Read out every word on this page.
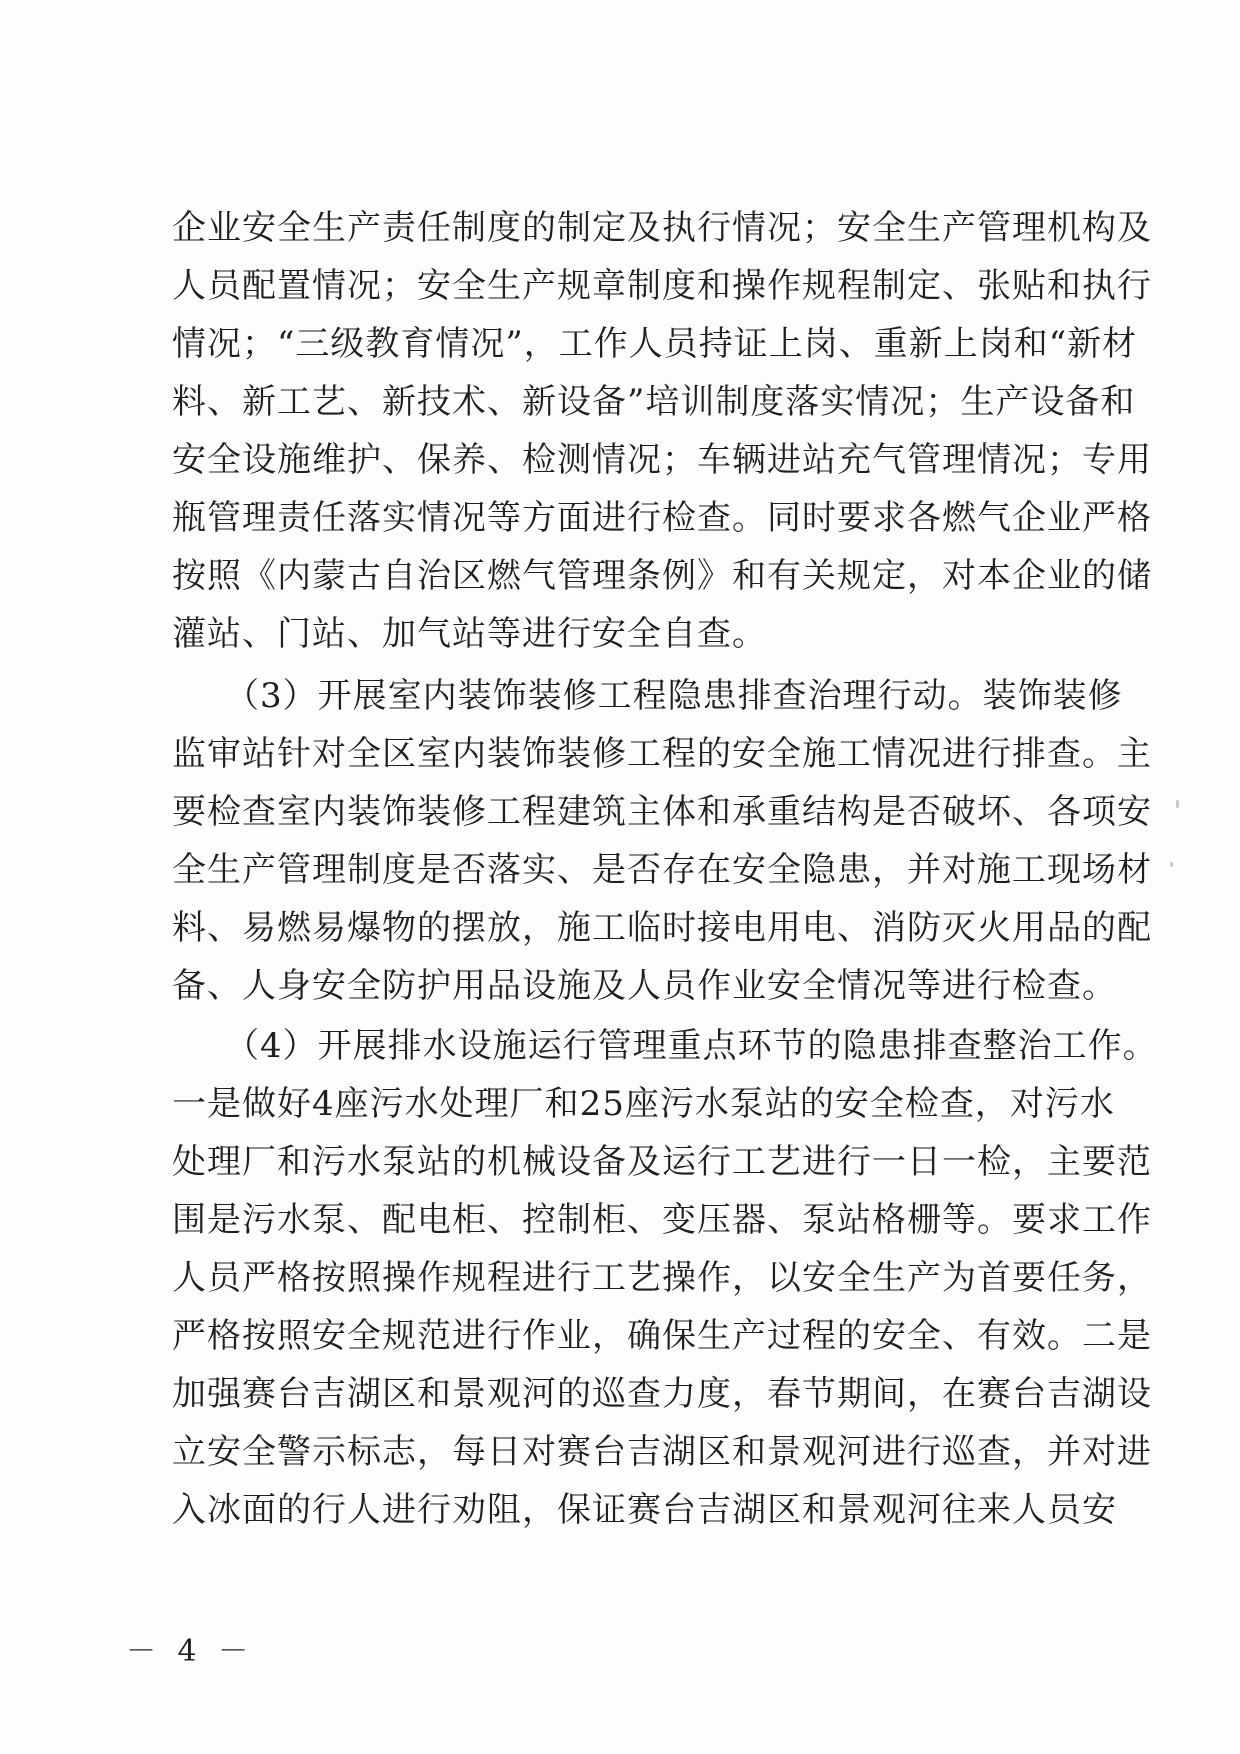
企业安全生产责任制度的制定及执行情况；安全生产管理机构及
人员配置情况；安全生产规章制度和操作规程制定、张贴和执行
情况；“三级教育情况”，工作人员持证上岗、重新上岗和“新材
料、新工艺、新技术、新设备”培训制度落实情况；生产设备和
安全设施维护、保养、检测情况；车辆进站充气管理情况；专用
瓶管理责任落实情况等方面进行检查。同时要求各燃气企业严格
按照《内蒙古自治区燃气管理条例》和有关规定，对本企业的储
灌站、门站、加气站等进行安全自查。
　　（3）开展室内装饰装修工程隐患排查治理行动。装饰装修
监审站针对全区室内装饰装修工程的安全施工情况进行排查。主
要检查室内装饰装修工程建筑主体和承重结构是否破坏、各项安
全生产管理制度是否落实、是否存在安全隐患，并对施工现场材
料、易燃易爆物的摆放，施工临时接电用电、消防灭火用品的配
备、人身安全防护用品设施及人员作业安全情况等进行检查。
　　（4）开展排水设施运行管理重点环节的隐患排查整治工作。
一是做好4座污水处理厂和25座污水泵站的安全检查，对污水
处理厂和污水泵站的机械设备及运行工艺进行一日一检，主要范
围是污水泵、配电柜、控制柜、变压器、泵站格栅等。要求工作
人员严格按照操作规程进行工艺操作，以安全生产为首要任务，
严格按照安全规范进行作业，确保生产过程的安全、有效。二是
加强赛台吉湖区和景观河的巡查力度，春节期间，在赛台吉湖设
立安全警示标志，每日对赛台吉湖区和景观河进行巡查，并对进
入冰面的行人进行劝阻，保证赛台吉湖区和景观河往来人员安
－ 4 －
